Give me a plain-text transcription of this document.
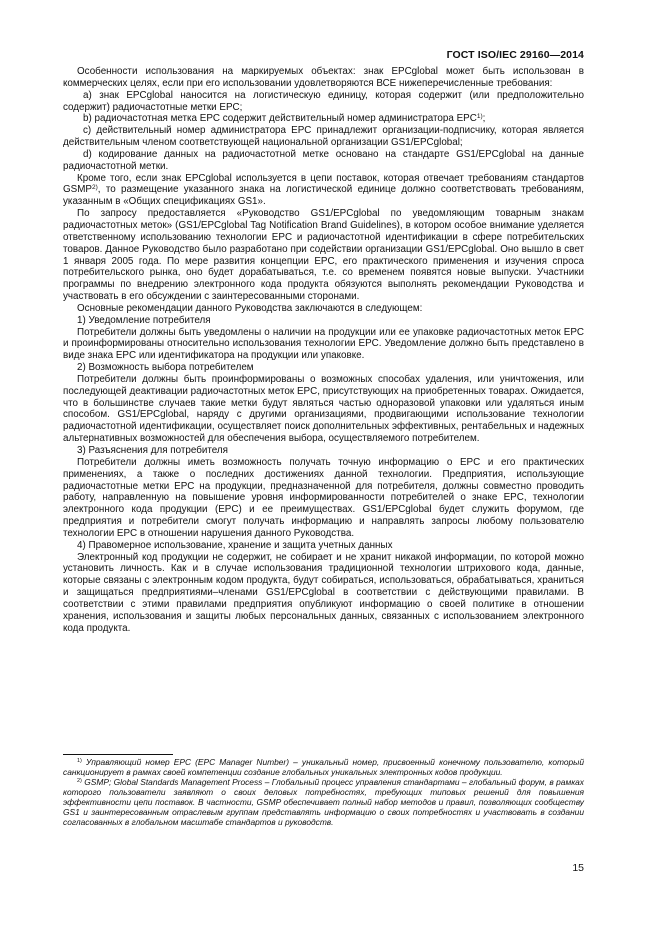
ГОСТ ISO/IEC 29160—2014

Особенности использования на маркируемых объектах: знак EPCglobal может быть использован в коммерческих целях, если при его использовании удовлетворяются ВСЕ нижеперечисленные требования:

а) знак EPCglobal наносится на логистическую единицу, которая содержит (или предположительно содержит) радиочастотные метки EPC;

b) радиочастотная метка EPC содержит действительный номер администратора EPC$^{1)}$;

с) действительный номер администратора EPC принадлежит организации-подписчику, которая является действительным членом соответствующей национальной организации GS1/EPCglobal;

d) кодирование данных на радиочастотной метке основано на стандарте GS1/EPCglobal на данные радиочастотной метки.

Кроме того, если знак EPCglobal используется в цепи поставок, которая отвечает требованиям стандартов GSMP$^{2)}$, то размещение указанного знака на логистической единице должно соответствовать требованиям, указанным в «Общих спецификациях GS1».

По запросу предоставляется «Руководство GS1/EPCglobal по уведомляющим товарным знакам радиочастотных меток» (GS1/EPCglobal Tag Notification Brand Guidelines), в котором особое внимание уделяется ответственному использованию технологии EPC и радиочастотной идентификации в сфере потребительских товаров. Данное Руководство было разработано при содействии организации GS1/EPCglobal. Оно вышло в свет 1 января 2005 года. По мере развития концепции EPC, его практического применения и изучения спроса потребительского рынка, оно будет дорабатываться, т.е. со временем появятся новые выпуски. Участники программы по внедрению электронного кода продукта обязуются выполнять рекомендации Руководства и участвовать в его обсуждении с заинтересованными сторонами.

Основные рекомендации данного Руководства заключаются в следующем:

1) Уведомление потребителя

Потребители должны быть уведомлены о наличии на продукции или ее упаковке радиочастотных меток EPC и проинформированы относительно использования технологии EPC. Уведомление должно быть представлено в виде знака EPC или идентификатора на продукции или упаковке.

2) Возможность выбора потребителем

Потребители должны быть проинформированы о возможных способах удаления, или уничтожения, или последующей деактивации радиочастотных меток EPC, присутствующих на приобретенных товарах. Ожидается, что в большинстве случаев такие метки будут являться частью одноразовой упаковки или удаляться иным способом. GS1/EPCglobal, наряду с другими организациями, продвигающими использование технологии радиочастотной идентификации, осуществляет поиск дополнительных эффективных, рентабельных и надежных альтернативных возможностей для обеспечения выбора, осуществляемого потребителем.

3) Разъяснения для потребителя

Потребители должны иметь возможность получать точную информацию о EPC и его практических применениях, а также о последних достижениях данной технологии. Предприятия, использующие радиочастотные метки EPC на продукции, предназначенной для потребителя, должны совместно проводить работу, направленную на повышение уровня информированности потребителей о знаке EPC, технологии электронного кода продукции (EPC) и ее преимуществах. GS1/EPCglobal будет служить форумом, где предприятия и потребители смогут получать информацию и направлять запросы любому пользователю технологии EPC в отношении нарушения данного Руководства.

4) Правомерное использование, хранение и защита учетных данных

Электронный код продукции не содержит, не собирает и не хранит никакой информации, по которой можно установить личность. Как и в случае использования традиционной технологии штрихового кода, данные, которые связаны с электронным кодом продукта, будут собираться, использоваться, обрабатываться, храниться и защищаться предприятиями–членами GS1/EPCglobal в соответствии с действующими правилами. В соответствии с этими правилами предприятия опубликуют информацию о своей политике в отношении хранения, использования и защиты любых персональных данных, связанных с использованием электронного кода продукта.

$^{1)}$ Управляющий номер EPC (EPC Manager Number) – уникальный номер, присвоенный конечному пользователю, который санкционирует в рамках своей компетенции создание глобальных уникальных электронных кодов продукции.

$^{2)}$ GSMP; Global Standards Management Process – Глобальный процесс управления стандартами – глобальный форум, в рамках которого пользователи заявляют о своих деловых потребностях, требующих типовых решений для повышения эффективности цепи поставок. В частности, GSMP обеспечивает полный набор методов и правил, позволяющих сообществу GS1 и заинтересованным отраслевым группам представлять информацию о своих потребностях и участвовать в создании согласованных в глобальном масштабе стандартов и руководств.

15
